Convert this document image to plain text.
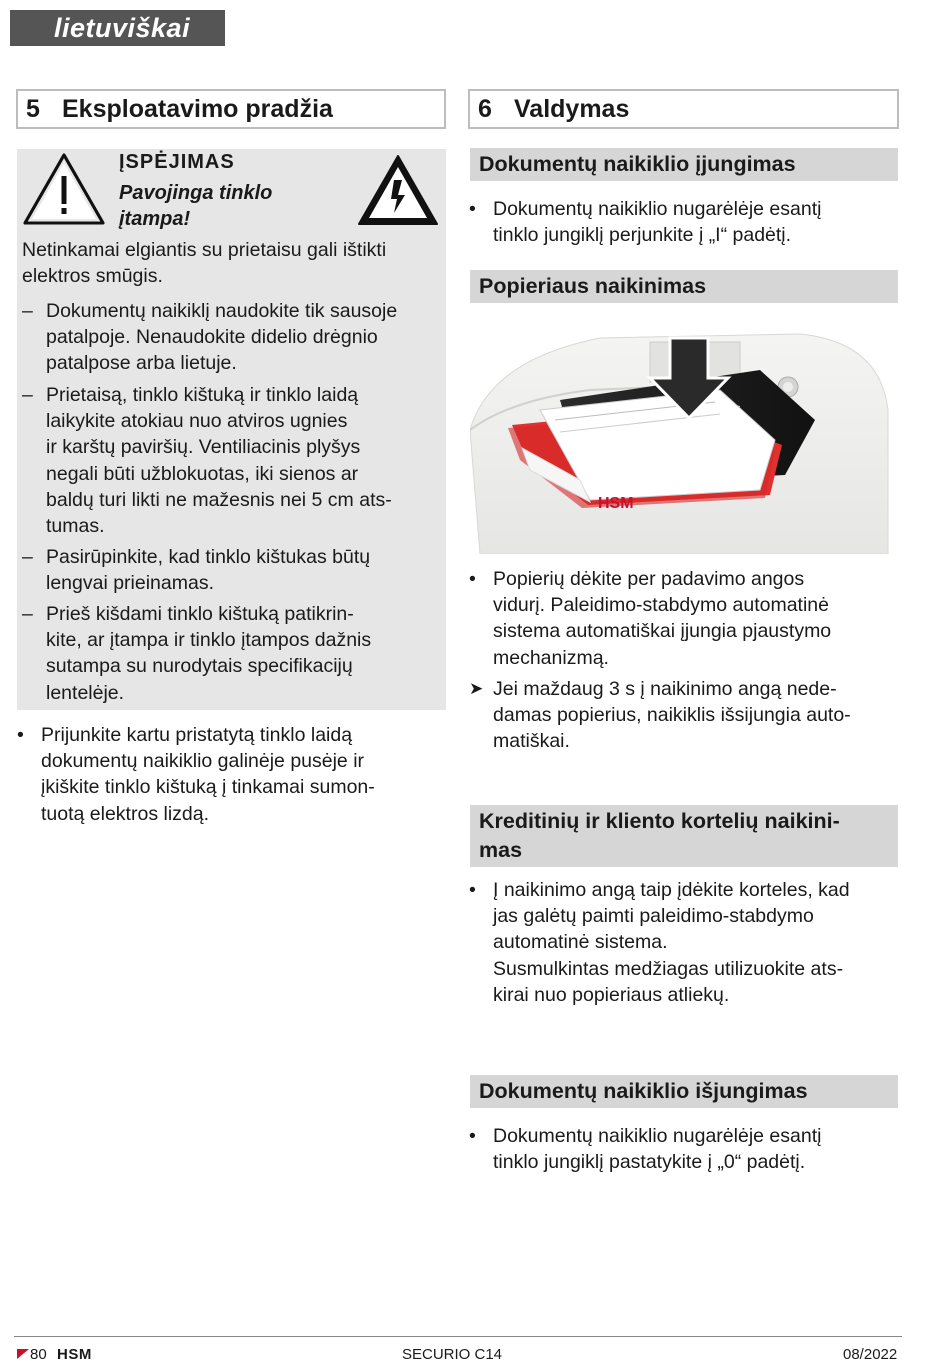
lietuviškai
5 Eksploatavimo pradžia	6 Valdymas
ĮSPĖJIMAS
Pavojinga tinklo
įtampa!
Netinkamai elgiantis su prietaisu gali ištikti
elektros smūgis.
– Dokumentų naikiklį naudokite tik sausoje
patalpoje. Nenaudokite didelio drėgnio
patalpose arba lietuje.
– Prietaisą, tinklo kištuką ir tinklo laidą
laikykite atokiau nuo atviros ugnies
ir karštų paviršių. Ventiliacinis plyšys
negali būti užblokuotas, iki sienos ar
baldų turi likti ne mažesnis nei 5 cm ats-
tumas.
– Pasirūpinkite, kad tinklo kištukas būtų
lengvai prieinamas.
– Prieš kišdami tinklo kištuką patikrin-
kite, ar įtampa ir tinklo įtampos dažnis
sutampa su nurodytais specifikacijų
lentelėje.
• Prijunkite kartu pristatytą tinklo laidą
dokumentų naikiklio galinėje pusėje ir
įkiškite tinklo kištuką į tinkamai sumon-
tuotą elektros lizdą.
Dokumentų naikiklio įjungimas
• Dokumentų naikiklio nugarėlėje esantį
tinklo jungiklį perjunkite į „I“ padėtį.
Popieriaus naikinimas
HSM
• Popierių dėkite per padavimo angos
vidurį. Paleidimo-stabdymo automatinė
sistema automatiškai įjungia pjaustymo
mechanizmą.
➤ Jei maždaug 3 s į naikinimo angą nede-
damas popierius, naikiklis išsijungia auto-
matiškai.
Kreditinių ir kliento kortelių naikini-
mas
• Į naikinimo angą taip įdėkite korteles, kad
jas galėtų paimti paleidimo-stabdymo
automatinė sistema.
Susmulkintas medžiagas utilizuokite ats-
kirai nuo popieriaus atliekų.
Dokumentų naikiklio išjungimas
• Dokumentų naikiklio nugarėlėje esantį
tinklo jungiklį pastatykite į „0“ padėtį.
80 HSM	SECURIO C14	08/2022
